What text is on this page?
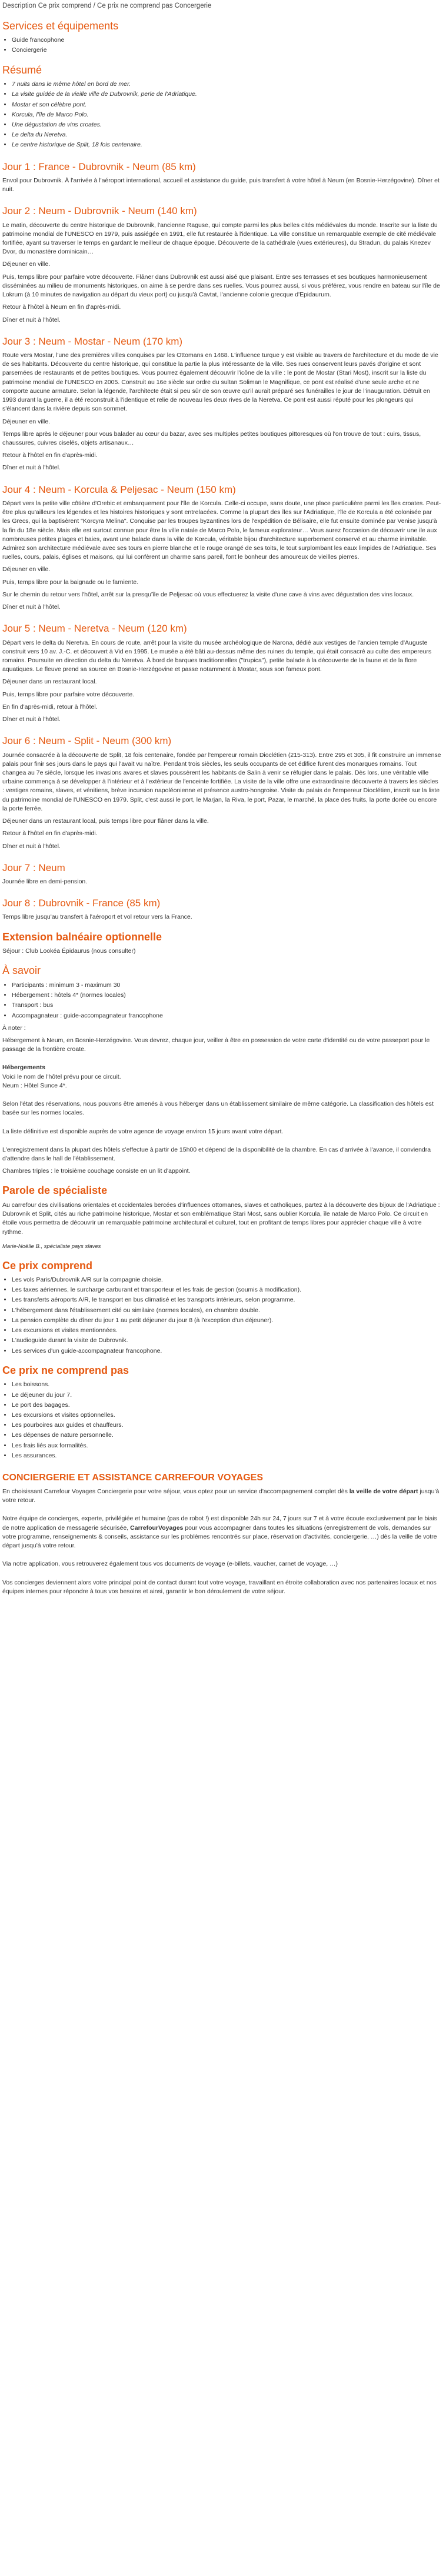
Description Ce prix comprend / Ce prix ne comprend pas Concergerie
Services et équipements
• Guide francophone
• Conciergerie
Résumé
• 7 nuits dans le même hôtel en bord de mer.
• La visite guidée de la vieille ville de Dubrovnik, perle de l'Adriatique.
• Mostar et son célèbre pont.
• Korcula, l'île de Marco Polo.
• Une dégustation de vins croates.
• Le delta du Neretva.
• Le centre historique de Split, 18 fois centenaire.
Jour 1 : France - Dubrovnik - Neum (85 km)

Envol pour Dubrovnik. À l'arrivée à l'aéroport international, accueil et assistance du guide, puis transfert à votre hôtel à Neum (en Bosnie-Herzégovine). Dîner et nuit.

Jour 2 : Neum - Dubrovnik - Neum (140 km)

Le matin, découverte du centre historique de Dubrovnik, l'ancienne Raguse, qui compte parmi les plus belles cités médiévales du monde. Inscrite sur la liste du patrimoine mondial de l'UNESCO en 1979, puis assiégée en 1991, elle fut restaurée à l'identique. La ville constitue un remarquable exemple de cité médiévale fortifiée, ayant su traverser le temps en gardant le meilleur de chaque époque. Découverte de la cathédrale (vues extérieures), du Stradun, du palais Knezev Dvor, du monastère dominicain…

Déjeuner en ville.

Puis, temps libre pour parfaire votre découverte. Flâner dans Dubrovnik est aussi aisé que plaisant. Entre ses terrasses et ses boutiques harmonieusement disséminées au milieu de monuments historiques, on aime à se perdre dans ses ruelles. Vous pourrez aussi, si vous préférez, vous rendre en bateau sur l'île de Lokrum (à 10 minutes de navigation au départ du vieux port) ou jusqu'à Cavtat, l'ancienne colonie grecque d'Epidaurum.

Retour à l'hôtel à Neum en fin d'après-midi.

Dîner et nuit à l'hôtel.

Jour 3 : Neum - Mostar - Neum (170 km)

Route vers Mostar, l'une des premières villes conquises par les Ottomans en 1468. L'influence turque y est visible au travers de l'architecture et du mode de vie de ses habitants. Découverte du centre historique, qui constitue la partie la plus intéressante de la ville. Ses rues conservent leurs pavés d'origine et sont parsemées de restaurants et de petites boutiques. Vous pourrez également découvrir l'icône de la ville : le pont de Mostar (Stari Most), inscrit sur la liste du patrimoine mondial de l'UNESCO en 2005. Construit au 16e siècle sur ordre du sultan Soliman le Magnifique, ce pont est réalisé d'une seule arche et ne comporte aucune armature. Selon la légende, l'architecte était si peu sûr de son œuvre qu'il aurait préparé ses funérailles le jour de l'inauguration. Détruit en 1993 durant la guerre, il a été reconstruit à l'identique et relie de nouveau les deux rives de la Neretva. Ce pont est aussi réputé pour les plongeurs qui s'élancent dans la rivière depuis son sommet.

Déjeuner en ville.

Temps libre après le déjeuner pour vous balader au cœur du bazar, avec ses multiples petites boutiques pittoresques où l'on trouve de tout : cuirs, tissus, chaussures, cuivres ciselés, objets artisanaux…

Retour à l'hôtel en fin d'après-midi.

Dîner et nuit à l'hôtel.

Jour 4 : Neum - Korcula & Peljesac - Neum (150 km)

Départ vers la petite ville côtière d'Orebic et embarquement pour l'île de Korcula. Celle-ci occupe, sans doute, une place particulière parmi les îles croates. Peut-être plus qu'ailleurs les légendes et les histoires historiques y sont entrelacées. Comme la plupart des îles sur l'Adriatique, l'île de Korcula a été colonisée par les Grecs, qui la baptisèrent "Korcyra Melina". Conquise par les troupes byzantines lors de l'expédition de Bélisaire, elle fut ensuite dominée par Venise jusqu'à la fin du 18e siècle. Mais elle est surtout connue pour être la ville natale de Marco Polo, le fameux explorateur… Vous aurez l'occasion de découvrir une ile aux nombreuses petites plages et baies, avant une balade dans la ville de Korcula, véritable bijou d'architecture superbement conservé et au charme inimitable. Admirez son architecture médiévale avec ses tours en pierre blanche et le rouge orangé de ses toits, le tout surplombant les eaux limpides de l'Adriatique. Ses ruelles, cours, palais, églises et maisons, qui lui confèrent un charme sans pareil, font le bonheur des amoureux de vieilles pierres.

Déjeuner en ville.

Puis, temps libre pour la baignade ou le farniente.

Sur le chemin du retour vers l'hôtel, arrêt sur la presqu'île de Peljesac où vous effectuerez la visite d'une cave à vins avec dégustation des vins locaux.

Dîner et nuit à l'hôtel.

Jour 5 : Neum - Neretva - Neum (120 km)

Départ vers le delta du Neretva. En cours de route, arrêt pour la visite du musée archéologique de Narona, dédié aux vestiges de l'ancien temple d'Auguste construit vers 10 av. J.-C. et découvert à Vid en 1995. Le musée a été bâti au-dessus même des ruines du temple, qui était consacré au culte des empereurs romains. Poursuite en direction du delta du Neretva. À bord de barques traditionnelles ("trupica"), petite balade à la découverte de la faune et de la flore aquatiques. Le fleuve prend sa source en Bosnie-Herzégovine et passe notamment à Mostar, sous son fameux pont.

Déjeuner dans un restaurant local.

Puis, temps libre pour parfaire votre découverte.

En fin d'après-midi, retour à l'hôtel.

Dîner et nuit à l'hôtel.

Jour 6 : Neum - Split - Neum (300 km)

Journée consacrée à la découverte de Split, 18 fois centenaire, fondée par l'empereur romain Dioclétien (215-313). Entre 295 et 305, il fit construire un immense palais pour finir ses jours dans le pays qui l'avait vu naître. Pendant trois siècles, les seuls occupants de cet édifice furent des monarques romains. Tout changea au 7e siècle, lorsque les invasions avares et slaves poussèrent les habitants de Salin à venir se réfugier dans le palais. Dès lors, une véritable ville urbaine commença à se développer à l'intérieur et à l'extérieur de l'enceinte fortifiée. La visite de la ville offre une extraordinaire découverte à travers les siècles : vestiges romains, slaves, et vénitiens, brève incursion napoléonienne et présence austro-hongroise. Visite du palais de l'empereur Dioclétien, inscrit sur la liste du patrimoine mondial de l'UNESCO en 1979. Split, c'est aussi le port, le Marjan, la Riva, le port, Pazar, le marché, la place des fruits, la porte dorée ou encore la porte ferrée.

Déjeuner dans un restaurant local, puis temps libre pour flâner dans la ville.

Retour à l'hôtel en fin d'après-midi.

Dîner et nuit à l'hôtel.

Jour 7 : Neum

Journée libre en demi-pension.

Jour 8 : Dubrovnik - France (85 km)

Temps libre jusqu'au transfert à l'aéroport et vol retour vers la France.

Extension balnéaire optionnelle

Séjour : Club Lookéa Épidaurus (nous consulter)

À savoir
• Participants : minimum 3 - maximum 30
• Hébergement : hôtels 4* (normes locales)
• Transport : bus
• Accompagnateur : guide-accompagnateur francophone

À noter :

Hébergement à Neum, en Bosnie-Herzégovine. Vous devrez, chaque jour, veiller à être en possession de votre carte d'identité ou de votre passeport pour le passage de la frontière croate.

Hébergements

Voici le nom de l'hôtel prévu pour ce circuit.

Neum : Hôtel Sunce 4*.

Selon l'état des réservations, nous pouvons être amenés à vous héberger dans un établissement similaire de même catégorie. La classification des hôtels est basée sur les normes locales.

La liste définitive est disponible auprès de votre agence de voyage environ 15 jours avant votre départ.

L'enregistrement dans la plupart des hôtels s'effectue à partir de 15h00 et dépend de la disponibilité de la chambre. En cas d'arrivée à l'avance, il conviendra d'attendre dans le hall de l'établissement.

Chambres triples : le troisième couchage consiste en un lit d'appoint.

Parole de spécialiste

Au carrefour des civilisations orientales et occidentales bercées d'influences ottomanes, slaves et catholiques, partez à la découverte des bijoux de l'Adriatique : Dubrovnik et Split, cités au riche patrimoine historique, Mostar et son emblématique Stari Most, sans oublier Korcula, île natale de Marco Polo. Ce circuit en étoile vous permettra de découvrir un remarquable patrimoine architectural et culturel, tout en profitant de temps libres pour apprécier chaque ville à votre rythme.

Marie-Noëlle B., spécialiste pays slaves

Ce prix comprend
• Les vols Paris/Dubrovnik A/R sur la compagnie choisie.
• Les taxes aériennes, le surcharge carburant et transporteur et les frais de gestion (soumis à modification).
• Les transferts aéroports A/R, le transport en bus climatisé et les transports intérieurs, selon programme.
• L'hébergement dans l'établissement cité ou similaire (normes locales), en chambre double.
• La pension complète du dîner du jour 1 au petit déjeuner du jour 8 (à l'exception d'un déjeuner).
• Les excursions et visites mentionnées.
• L'audioguide durant la visite de Dubrovnik.
• Les services d'un guide-accompagnateur francophone.
Ce prix ne comprend pas
• Les boissons.
• Le déjeuner du jour 7.
• Le port des bagages.
• Les excursions et visites optionnelles.
• Les pourboires aux guides et chauffeurs.
• Les dépenses de nature personnelle.
• Les frais liés aux formalités.
• Les assurances.
CONCIERGERIE ET ASSISTANCE CARREFOUR VOYAGES

En choisissant Carrefour Voyages Conciergerie pour votre séjour, vous optez pour un service d'accompagnement complet dès la veille de votre départ jusqu'à votre retour.

Notre équipe de concierges, experte, privilégiée et humaine (pas de robot !) est disponible 24h sur 24, 7 jours sur 7 et à votre écoute exclusivement par le biais de notre application de messagerie sécurisée, CarrefourVoyages pour vous accompagner dans toutes les situations (enregistrement de vols, demandes sur votre programme, renseignements & conseils, assistance sur les problèmes rencontrés sur place, réservation d'activités, conciergerie, …) dès la veille de votre départ jusqu'à votre retour.

Via notre application, vous retrouverez également tous vos documents de voyage (e-billets, vaucher, carnet de voyage, …)

Vos concierges deviennent alors votre principal point de contact durant tout votre voyage, travaillant en étroite collaboration avec nos partenaires locaux et nos équipes internes pour répondre à tous vos besoins et ainsi, garantir le bon déroulement de votre séjour.
